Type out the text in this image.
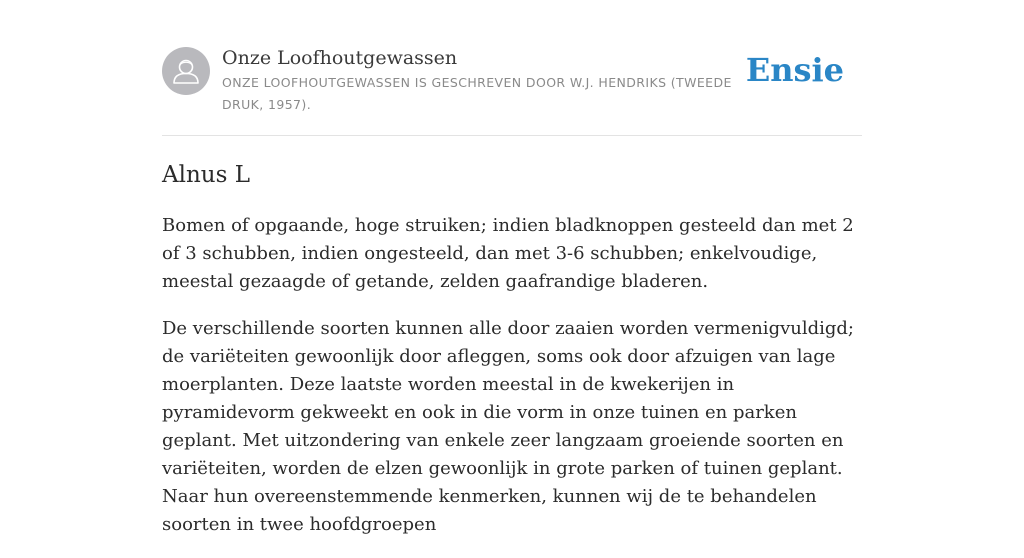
Onze Loofhoutgewassen
ONZE LOOFHOUTGEWASSEN IS GESCHREVEN DOOR W.J. HENDRIKS (TWEEDE DRUK, 1957).
Ensie
Alnus L

Bomen of opgaande, hoge struiken; indien bladknoppen gesteeld dan met 2 of 3 schubben, indien ongesteeld, dan met 3-6 schubben; enkelvoudige, meestal gezaagde of getande, zelden gaafrandige bladeren.

De verschillende soorten kunnen alle door zaaien worden vermenigvuldigd; de variëteiten gewoonlijk door afleggen, soms ook door afzuigen van lage moerplanten. Deze laatste worden meestal in de kwekerijen in pyramidevorm gekweekt en ook in die vorm in onze tuinen en parken geplant. Met uitzondering van enkele zeer langzaam groeiende soorten en variëteiten, worden de elzen gewoonlijk in grote parken of tuinen geplant. Naar hun overeenstemmende kenmerken, kunnen wij de te behandelen soorten in twee hoofdgroepen
